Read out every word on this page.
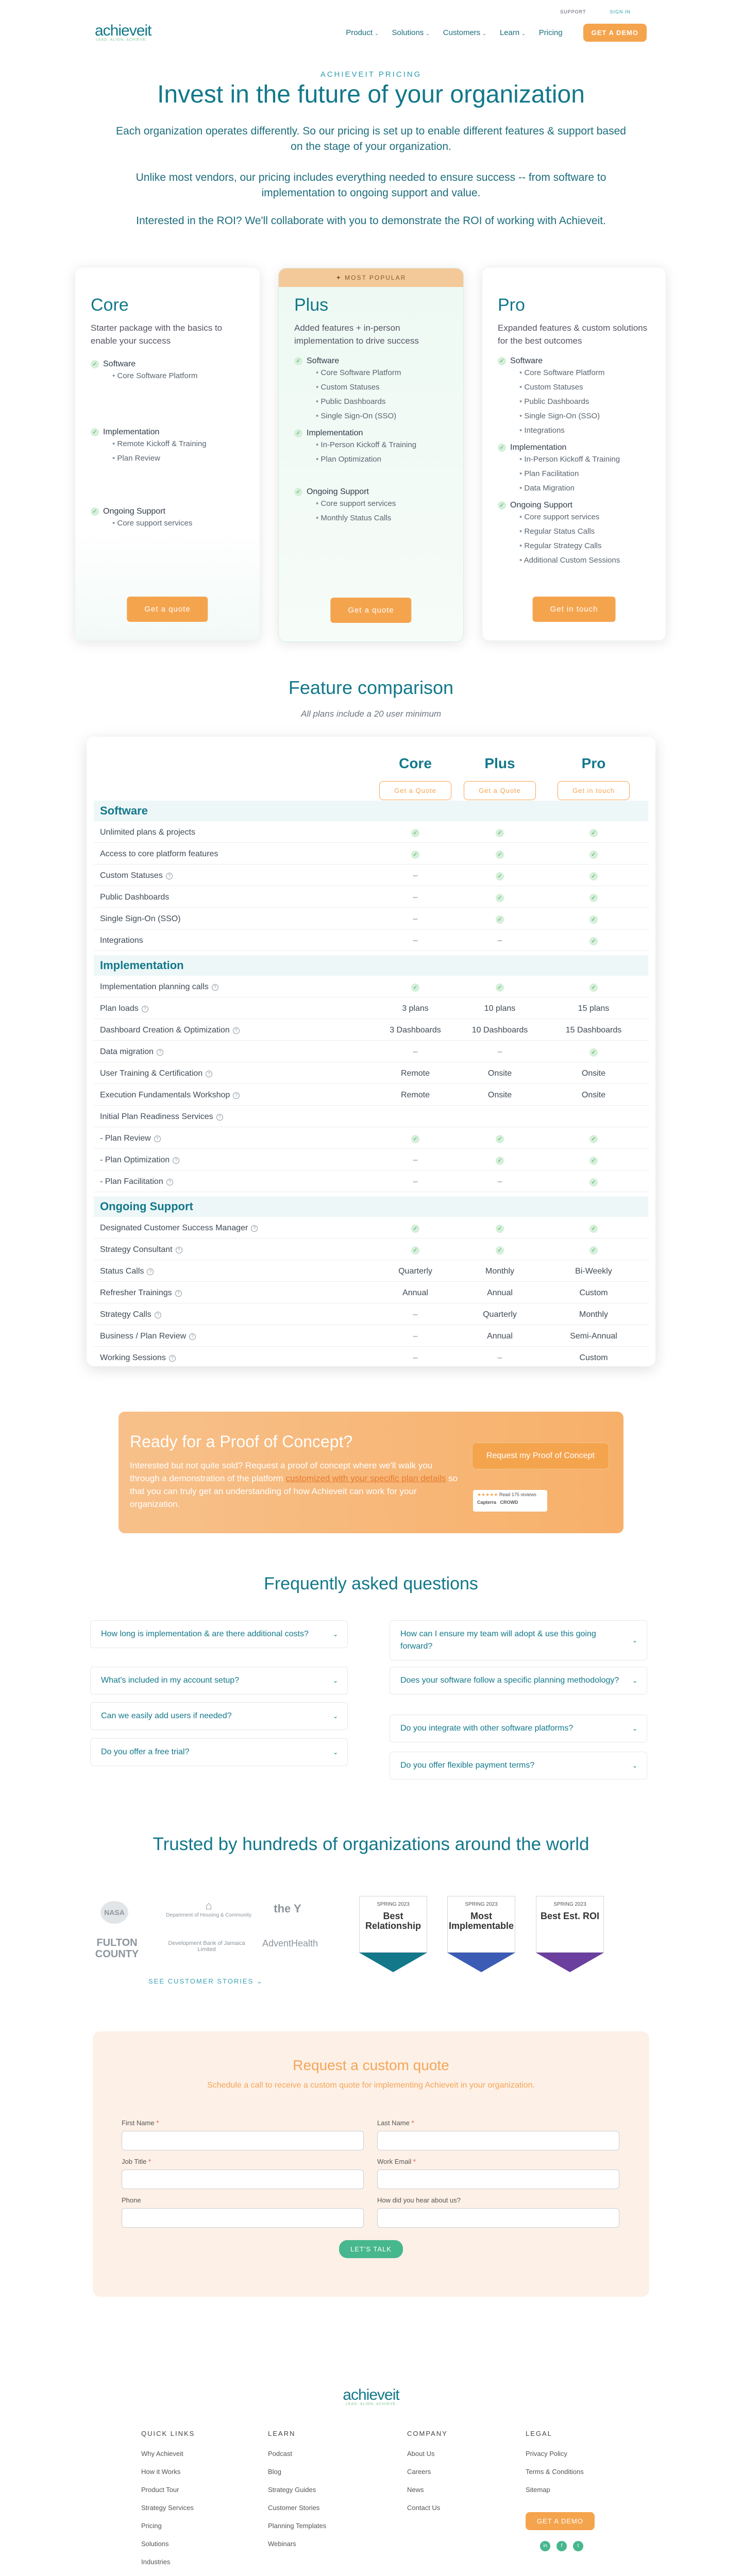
SUPPORT	SIGN IN
achieveit
LEAD. ALIGN. ACHIEVE.
Product ⌄ Solutions ⌄ Customers ⌄ Learn ⌄ Pricing	GET A DEMO
ACHIEVEIT PRICING
Invest in the future of your organization

Each organization operates differently. So our pricing is set up to enable different features & support based on the stage of your organization.

Unlike most vendors, our pricing includes everything needed to ensure success -- from software to implementation to ongoing support and value.

Interested in the ROI? We'll collaborate with you to demonstrate the ROI of working with Achieveit.

Core
Starter package with the basics to enable your success
✓ Software
• Core Software Platform
✓ Implementation
• Remote Kickoff & Training
• Plan Review
✓ Ongoing Support
• Core support services
Get a quote
✦ MOST POPULAR
Plus
Added features + in-person implementation to drive success
✓ Software
• Core Software Platform
• Custom Statuses
• Public Dashboards
• Single Sign-On (SSO)
✓ Implementation
• In-Person Kickoff & Training
• Plan Optimization
✓ Ongoing Support
• Core support services
• Monthly Status Calls
Get a quote
Pro
Expanded features & custom solutions for the best outcomes
✓ Software
• Core Software Platform
• Custom Statuses
• Public Dashboards
• Single Sign-On (SSO)
• Integrations
✓ Implementation
• In-Person Kickoff & Training
• Plan Facilitation
• Data Migration
✓ Ongoing Support
• Core support services
• Regular Status Calls
• Regular Strategy Calls
• Additional Custom Sessions
Get in touch
Feature comparison
All plans include a 20 user minimum
Core	Plus	Pro
Get a Quote	Get a Quote	Get in touch
Software
Unlimited plans & projects	✓	✓	✓
Access to core platform features	✓	✓	✓
Custom Statuses ?	–	✓	✓
Public Dashboards	–	✓	✓
Single Sign-On (SSO)	–	✓	✓
Integrations	–	–	✓
Implementation
Implementation planning calls ?	✓	✓	✓
Plan loads ?	3 plans	10 plans	15 plans
Dashboard Creation & Optimization ?	3 Dashboards	10 Dashboards	15 Dashboards
Data migration ?	–	–	✓
User Training & Certification ?	Remote	Onsite	Onsite
Execution Fundamentals Workshop ?	Remote	Onsite	Onsite
Initial Plan Readiness Services ?
- Plan Review ?	✓	✓	✓
- Plan Optimization ?	–	✓	✓
- Plan Facilitation ?	–	–	✓
Ongoing Support
Designated Customer Success Manager ?	✓	✓	✓
Strategy Consultant ?	✓	✓	✓
Status Calls ?	Quarterly	Monthly	Bi-Weekly
Refresher Trainings ?	Annual	Annual	Custom
Strategy Calls ?	–	Quarterly	Monthly
Business / Plan Review ?	–	Annual	Semi-Annual
Working Sessions ?	–	–	Custom
Ready for a Proof of Concept?

Interested but not quite sold? Request a proof of concept where we'll walk you through a demonstration of the platform customized with your specific plan details so that you can truly get an understanding of how Achieveit can work for your organization.

Request my Proof of Concept
★★★★★ Read 175 reviews
Capterra CROWD
Frequently asked questions
How long is implementation & are there additional costs?	⌄
What's included in my account setup?	⌄
Can we easily add users if needed?	⌄
Do you offer a free trial?	⌄
How can I ensure my team will adopt & use this going forward?
⌄
Does your software follow a specific planning methodology? ⌄
Do you integrate with other software platforms?	⌄
Do you offer flexible payment terms?	⌄
Trusted by hundreds of organizations around the world
NASA
⌂
Department of Housing & Community
the Y
FULTON COUNTY
Development Bank of Jamaica Limited
AdventHealth
SPRING 2023
Best Relationship
SPRING 2023
Most Implementable
SPRING 2023
Best Est. ROI
SEE CUSTOMER STORIES ⌄
Request a custom quote
Schedule a call to receive a custom quote for implementing Achieveit in your organization.
First Name *	Last Name *
Job Title *	Work Email *
Phone	How did you hear about us?
LET'S TALK
achieveit
LEAD. ALIGN. ACHIEVE.
QUICK LINKS
Why Achieveit
How it Works
Product Tour
Strategy Services
Pricing
Solutions
Industries
LEARN
Podcast
Blog
Strategy Guides
Customer Stories
Planning Templates
Webinars
COMPANY
About Us
Careers
News
Contact Us
LEGAL
Privacy Policy
Terms & Conditions
Sitemap
GET A DEMO
in	f	t
